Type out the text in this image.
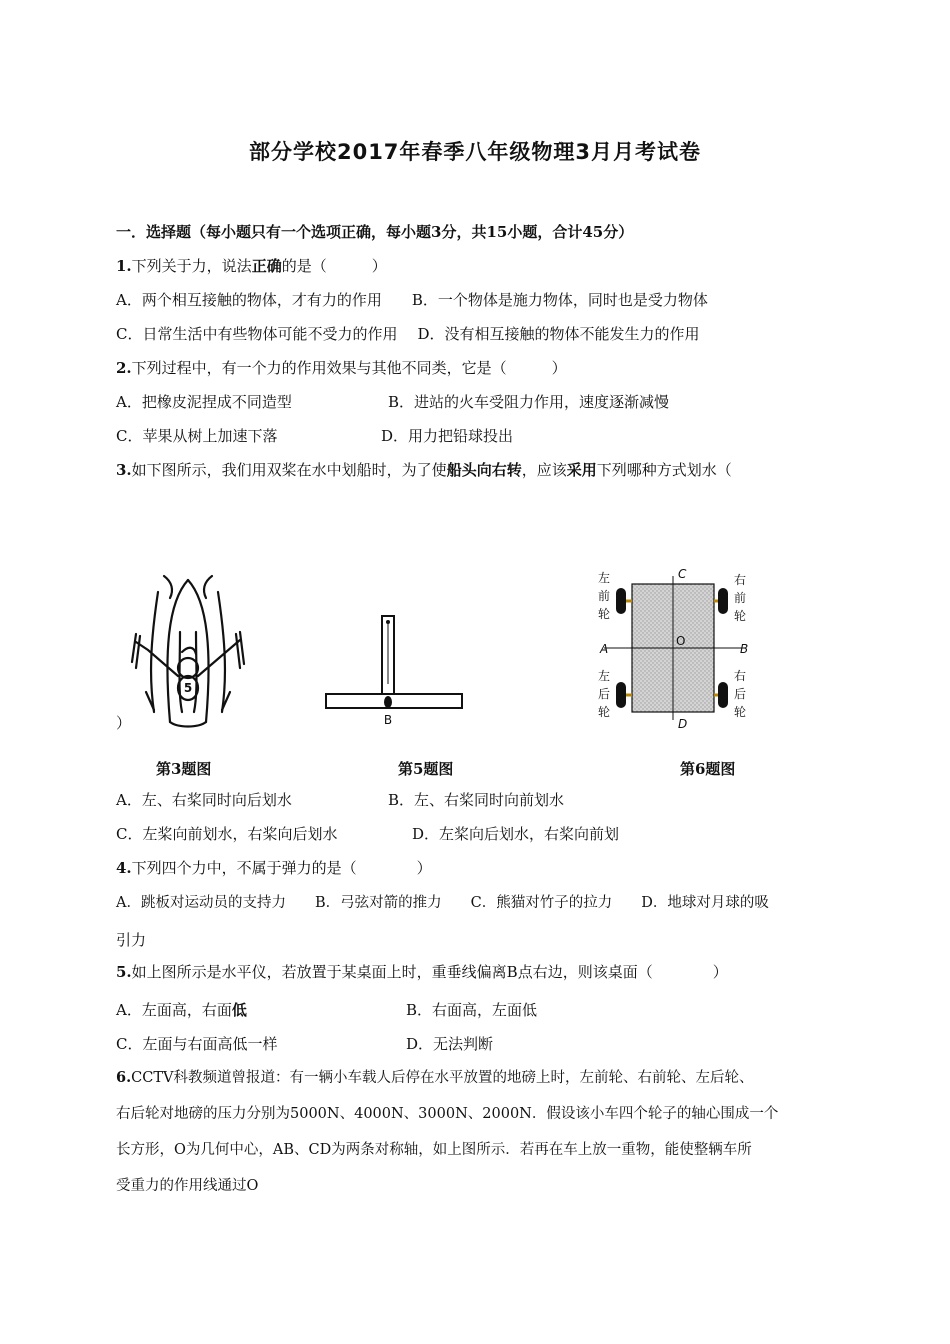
部分学校2017年春季八年级物理3月月考试卷
一．选择题（每小题只有一个选项正确，每小题3分，共15小题，合计45分）
1.下列关于力，说法正确的是（　　　）
A．两个相互接触的物体，才有力的作用 B．一个物体是施力物体，同时也是受力物体
C．日常生活中有些物体可能不受力的作用 D．没有相互接触的物体不能发生力的作用
2.下列过程中，有一个力的作用效果与其他不同类，它是（　　　）
A．把橡皮泥捏成不同造型	B．进站的火车受阻力作用，速度逐渐减慢
C．苹果从树上加速下落	D．用力把铅球投出
3.如下图所示，我们用双桨在水中划船时，为了使船头向右转，应该采用下列哪种方式划水（
5
）	B
C
D
A	B
O
左
前
轮
右
前
轮
左
后
轮
右
后
轮
第3题图	第5题图	第6题图
A．左、右桨同时向后划水	B．左、右桨同时向前划水
C．左桨向前划水，右桨向后划水	D．左桨向后划水，右桨向前划
4.下列四个力中，不属于弹力的是（　　　　）
A．跳板对运动员的支持力　　B．弓弦对箭的推力　　C．熊猫对竹子的拉力　　D．地球对月球的吸
引力
5.如上图所示是水平仪，若放置于某桌面上时，重垂线偏离B点右边，则该桌面（　　　　）
A．左面高，右面低	B．右面高，左面低
C．左面与右面高低一样	D．无法判断
6.CCTV科教频道曾报道：有一辆小车载人后停在水平放置的地磅上时，左前轮、右前轮、左后轮、
右后轮对地磅的压力分别为5000N、4000N、3000N、2000N．假设该小车四个轮子的轴心围成一个
长方形，O为几何中心，AB、CD为两条对称轴，如上图所示．若再在车上放一重物，能使整辆车所
受重力的作用线通过O
